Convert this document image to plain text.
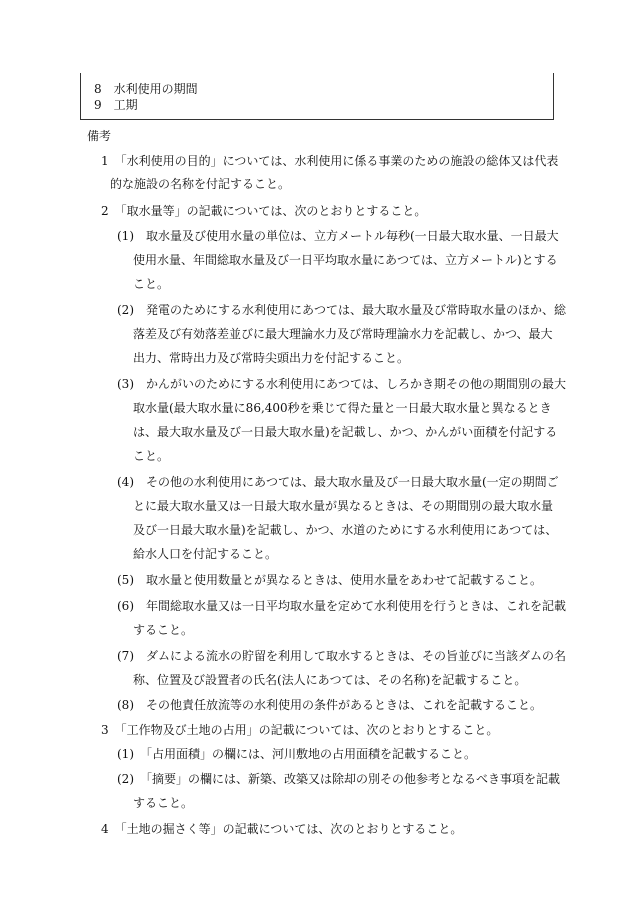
8　水利使用の期間
9　工期
備考
1　「水利使用の目的」については、水利使用に係る事業のための施設の総体又は代表
的な施設の名称を付記すること。
2　「取水量等」の記載については、次のとおりとすること。
(1)　取水量及び使用水量の単位は、立方メートル毎秒(一日最大取水量、一日最大
使用水量、年間総取水量及び一日平均取水量にあつては、立方メートル)とする
こと。
(2)　発電のためにする水利使用にあつては、最大取水量及び常時取水量のほか、総
落差及び有効落差並びに最大理論水力及び常時理論水力を記載し、かつ、最大
出力、常時出力及び常時尖頭出力を付記すること。
(3)　かんがいのためにする水利使用にあつては、しろかき期その他の期間別の最大
取水量(最大取水量に86,400秒を乗じて得た量と一日最大取水量と異なるとき
は、最大取水量及び一日最大取水量)を記載し、かつ、かんがい面積を付記する
こと。
(4)　その他の水利使用にあつては、最大取水量及び一日最大取水量(一定の期間ご
とに最大取水量又は一日最大取水量が異なるときは、その期間別の最大取水量
及び一日最大取水量)を記載し、かつ、水道のためにする水利使用にあつては、
給水人口を付記すること。
(5)　取水量と使用数量とが異なるときは、使用水量をあわせて記載すること。
(6)　年間総取水量又は一日平均取水量を定めて水利使用を行うときは、これを記載
すること。
(7)　ダムによる流水の貯留を利用して取水するときは、その旨並びに当該ダムの名
称、位置及び設置者の氏名(法人にあつては、その名称)を記載すること。
(8)　その他責任放流等の水利使用の条件があるときは、これを記載すること。
3　「工作物及び土地の占用」の記載については、次のとおりとすること。
(1)　「占用面積」の欄には、河川敷地の占用面積を記載すること。
(2)　「摘要」の欄には、新築、改築又は除却の別その他参考となるべき事項を記載
すること。
4　「土地の掘さく等」の記載については、次のとおりとすること。
